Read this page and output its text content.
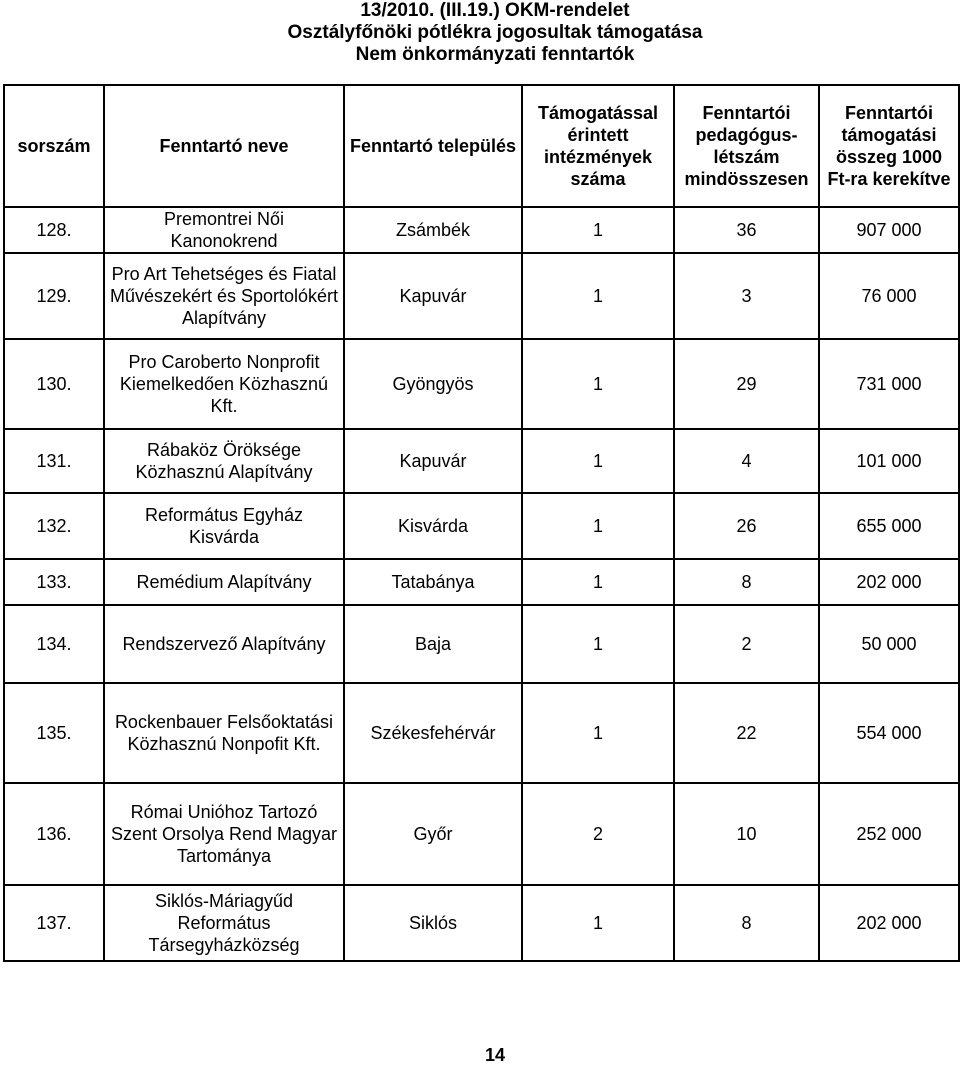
13/2010. (III.19.) OKM-rendelet
Osztályfőnöki pótlékra jogosultak támogatása
Nem önkormányzati fenntartók
sorszám	Fenntartó neve	Fenntartó település	Támogatással érintett intézmények száma	Fenntartói pedagógus-létszám mindösszesen	Fenntartói támogatási összeg 1000 Ft-ra kerekítve
128.	Premontrei Női Kanonokrend	Zsámbék	1	36	907 000
129.	Pro Art Tehetséges és Fiatal Művészekért és Sportolókért Alapítvány	Kapuvár	1	3	76 000
130.	Pro Caroberto Nonprofit Kiemelkedően Közhasznú Kft.	Gyöngyös	1	29	731 000
131.	Rábaköz Öröksége Közhasznú Alapítvány	Kapuvár	1	4	101 000
132.	Református Egyház Kisvárda	Kisvárda	1	26	655 000
133.	Remédium Alapítvány	Tatabánya	1	8	202 000
134.	Rendszervező Alapítvány	Baja	1	2	50 000
135.	Rockenbauer Felsőoktatási Közhasznú Nonpofit Kft.	Székesfehérvár	1	22	554 000
136.	Római Unióhoz Tartozó Szent Orsolya Rend Magyar Tartománya	Győr	2	10	252 000
137.	Siklós-Máriagyűd Református Társegyházközség	Siklós	1	8	202 000
14
